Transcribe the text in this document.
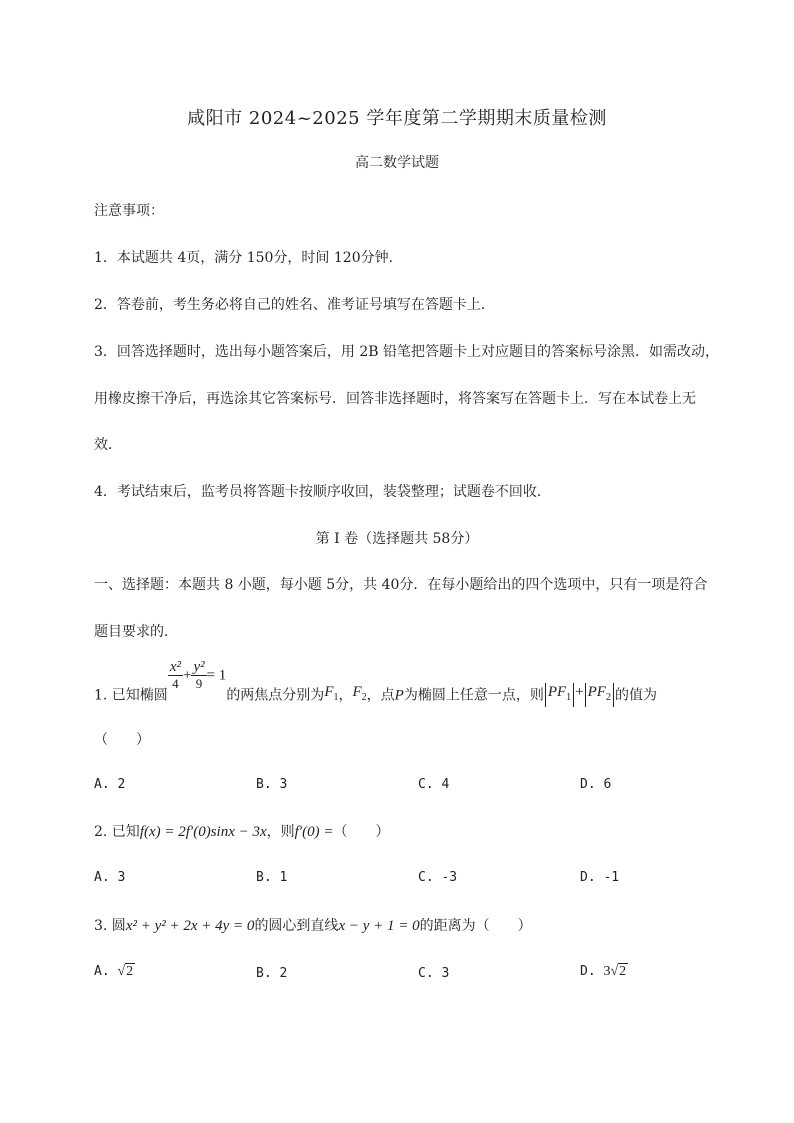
咸阳市 2024~2025 学年度第二学期期末质量检测
高二数学试题
注意事项：
1．本试题共 4页，满分 150分，时间 120分钟．
2．答卷前，考生务必将自己的姓名、准考证号填写在答题卡上．
3．回答选择题时，选出每小题答案后，用 2B 铅笔把答题卡上对应题目的答案标号涂黑．如需改动，
用橡皮擦干净后，再选涂其它答案标号．回答非选择题时，将答案写在答题卡上．写在本试卷上无
效．
4．考试结束后，监考员将答题卡按顺序收回，装袋整理；试题卷不回收．
第 I 卷（选择题共 58分）
一、选择题：本题共 8 小题，每小题 5分，共 40分．在每小题给出的四个选项中，只有一项是符合
题目要求的．
1. 已知椭圆
$\frac{\text{x²}}{4} + \frac{\text{y²}}{9} = 1$的两焦点分别为$F_1$，$F_2$，点P为椭圆上任意一点，则 $PF_1 + PF_2$ 的值为
（　　）
A. 2	B. 3	C. 4	D. 6
2. 已知f(x) = 2f′(0)sinx − 3x，则f′(0) =（　　）
A. 3	B. 1	C. -3	D. -1
3. 圆x² + y² + 2x + 4y = 0的圆心到直线x − y + 1 = 0的距离为（　　）
A. √2	B. 2	C. 3	D. 3√2
